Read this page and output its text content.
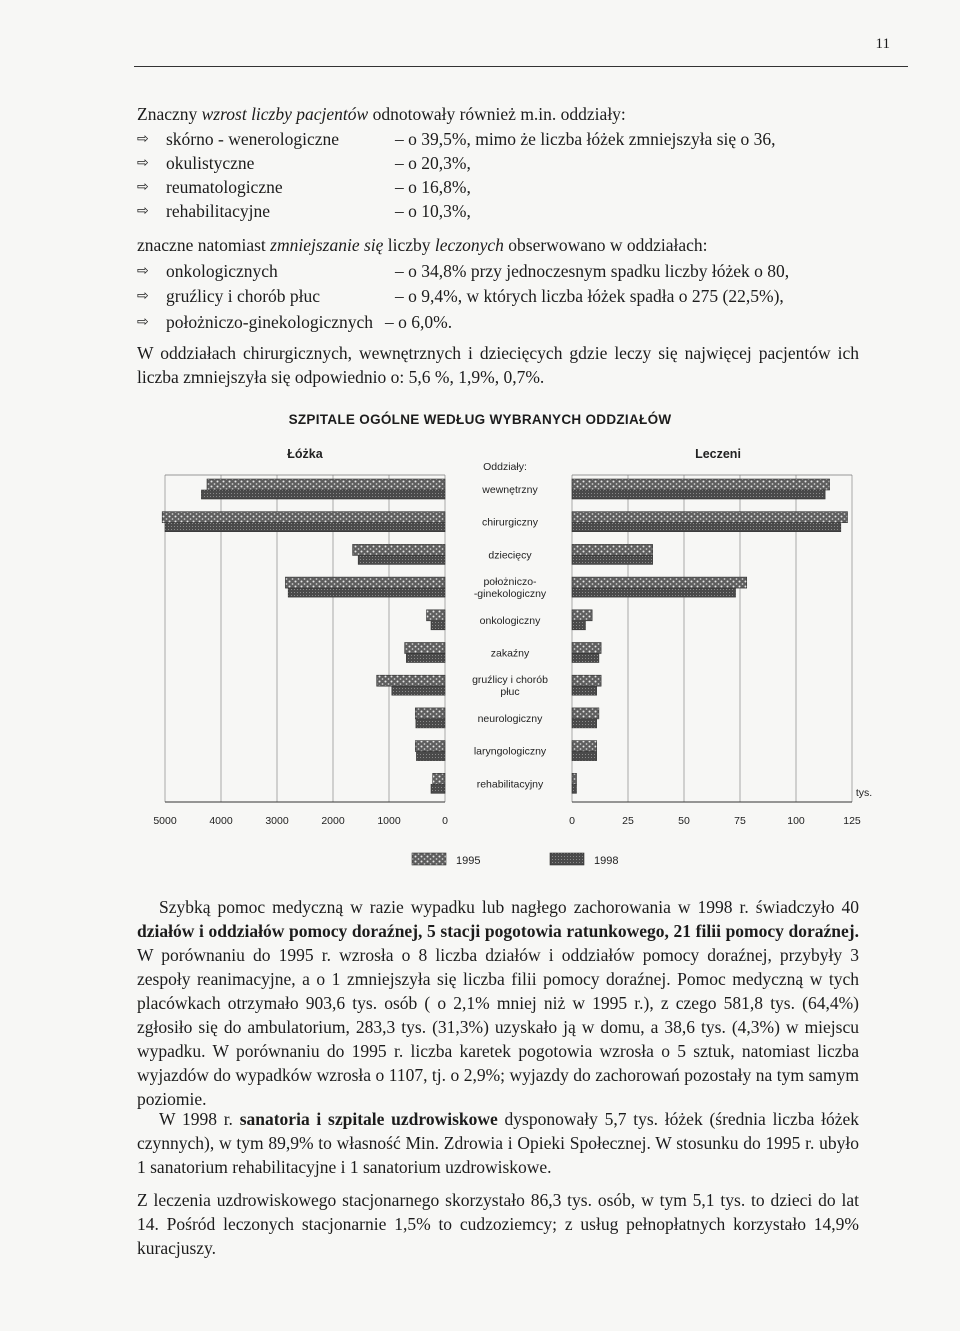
11
Znaczny wzrost liczby pacjentów odnotowały również m.in. oddziały:
⇨ skórno - wenerologiczne	– o 39,5%, mimo że liczba łóżek zmniejszyła się o 36,
⇨ okulistyczne	– o 20,3%,
⇨ reumatologiczne	– o 16,8%,
⇨ rehabilitacyjne	– o 10,3%,
znaczne natomiast zmniejszanie się liczby leczonych obserwowano w oddziałach:
⇨ onkologicznych	– o 34,8% przy jednoczesnym spadku liczby łóżek o 80,
⇨ gruźlicy i chorób płuc	– o 9,4%, w których liczba łóżek spadła o 275 (22,5%),
⇨ położniczo-ginekologicznych – o 6,0%.
W oddziałach chirurgicznych, wewnętrznych i dziecięcych gdzie leczy się najwięcej pacjentów ich liczba zmniejszyła się odpowiednio o: 5,6 %, 1,9%, 0,7%.
SZPITALE OGÓLNE WEDŁUG WYBRANYCH ODDZIAŁÓW
Łóżka	Leczeni
Oddziały:
5000	4000	3000	2000	1000	0	0	25	50	75	100	125
tys.
wewnętrzny
chirurgiczny
dziecięcy
położniczo-
-ginekologiczny
onkologiczny
zakaźny
gruźlicy i chorób
płuc
neurologiczny
laryngologiczny
rehabilitacyjny
1995	1998

Szybką pomoc medyczną w razie wypadku lub nagłego zachorowania w 1998 r. świadczyło 40 działów i oddziałów pomocy doraźnej, 5 stacji pogotowia ratunkowego, 21 filii pomocy doraźnej. W porównaniu do 1995 r. wzrosła o 8 liczba działów i oddziałów pomocy doraźnej, przybyły 3 zespoły reanimacyjne, a o 1 zmniejszyła się liczba filii pomocy doraźnej. Pomoc medyczną w tych placówkach otrzymało 903,6 tys. osób ( o 2,1% mniej niż w 1995 r.), z czego 581,8 tys. (64,4%) zgłosiło się do ambulatorium, 283,3 tys. (31,3%) uzyskało ją w domu, a 38,6 tys. (4,3%) w miejscu wypadku. W porównaniu do 1995 r. liczba karetek pogotowia wzrosła o 5 sztuk, natomiast liczba wyjazdów do wypadków wzrosła o 1107, tj. o 2,9%; wyjazdy do zachorowań pozostały na tym samym poziomie.

W 1998 r. sanatoria i szpitale uzdrowiskowe dysponowały 5,7 tys. łóżek (średnia liczba łóżek czynnych), w tym 89,9% to własność Min. Zdrowia i Opieki Społecznej. W stosunku do 1995 r. ubyło 1 sanatorium rehabilitacyjne i 1 sanatorium uzdrowiskowe.

Z leczenia uzdrowiskowego stacjonarnego skorzystało 86,3 tys. osób, w tym 5,1 tys. to dzieci do lat 14. Pośród leczonych stacjonarnie 1,5% to cudzoziemcy; z usług pełnopłatnych korzystało 14,9% kuracjuszy.
